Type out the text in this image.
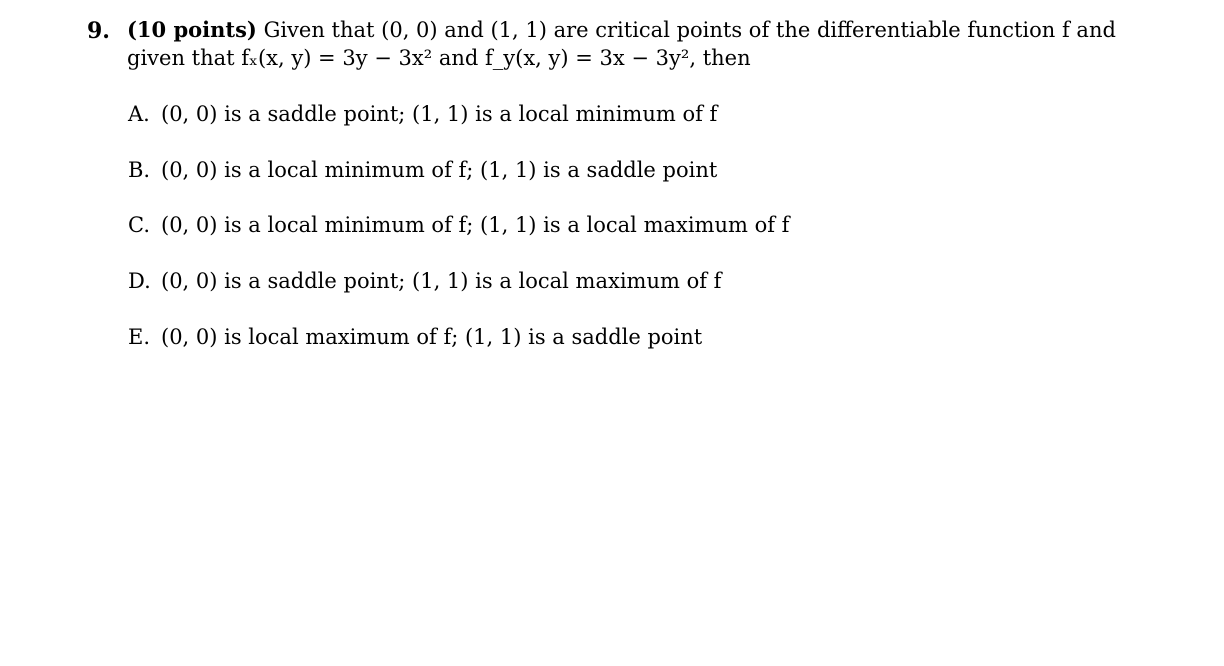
9. (10 points) Given that (0, 0) and (1, 1) are critical points of the differentiable function f and
given that fₓ(x, y) = 3y − 3x² and f_y(x, y) = 3x − 3y², then
A. (0, 0) is a saddle point; (1, 1) is a local minimum of f
B. (0, 0) is a local minimum of f; (1, 1) is a saddle point
C. (0, 0) is a local minimum of f; (1, 1) is a local maximum of f
D. (0, 0) is a saddle point; (1, 1) is a local maximum of f
E. (0, 0) is local maximum of f; (1, 1) is a saddle point
